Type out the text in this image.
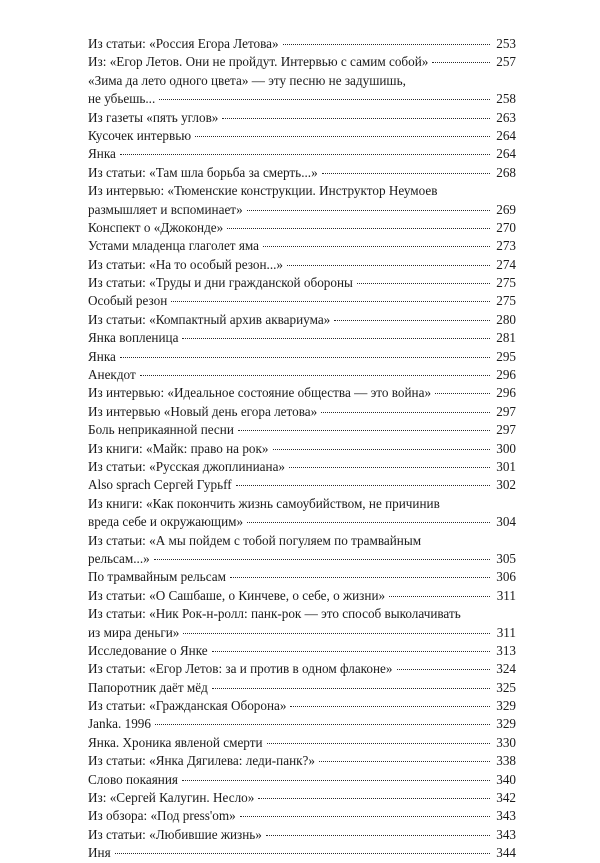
Из статьи: «Россия Егора Летова»	253
Из: «Егор Летов. Они не пройдут. Интервью с самим собой»	257
«Зима да лето одного цвета» — эту песню не задушишь,
не убьешь...	258
Из газеты «пять углов»	263
Кусочек интервью	264
Янка	264
Из статьи: «Там шла борьба за смерть...»	268
Из интервью: «Тюменские конструкции. Инструктор Неумоев
размышляет и вспоминает»	269
Конспект о «Джоконде»	270
Устами младенца глаголет яма	273
Из статьи: «На то особый резон...»	274
Из статьи: «Труды и дни гражданской обороны	275
Особый резон	275
Из статьи: «Компактный архив аквариума»	280
Янка вопленица	281
Янка	295
Анекдот	296
Из интервью: «Идеальное состояние общества — это война»	296
Из интервью «Новый день егора летова»	297
Боль неприкаянной песни	297
Из книги: «Майк: право на рок»	300
Из статьи: «Русская джоплиниана»	301
Also sprach Сергей Гурьff	302
Из книги: «Как покончить жизнь самоубийством, не причинив
вреда себе и окружающим»	304
Из статьи: «А мы пойдем с тобой погуляем по трамвайным
рельсам...»	305
По трамвайным рельсам	306
Из статьи: «О Сашбаше, о Кинчеве, о себе, о жизни»	311
Из статьи: «Ник Рок-н-ролл: панк-рок — это способ выколачивать
из мира деньги»	311
Исследование о Янке	313
Из статьи: «Егор Летов: за и против в одном флаконе»	324
Папоротник даёт мёд	325
Из статьи: «Гражданская Оборона»	329
Janka. 1996	329
Янка. Хроника явленой смерти	330
Из статьи: «Янка Дягилева: леди-панк?»	338
Слово покаяния	340
Из: «Сергей Калугин. Несло»	342
Из обзора: «Под press'om»	343
Из статьи: «Любившие жизнь»	343
Иня	344
